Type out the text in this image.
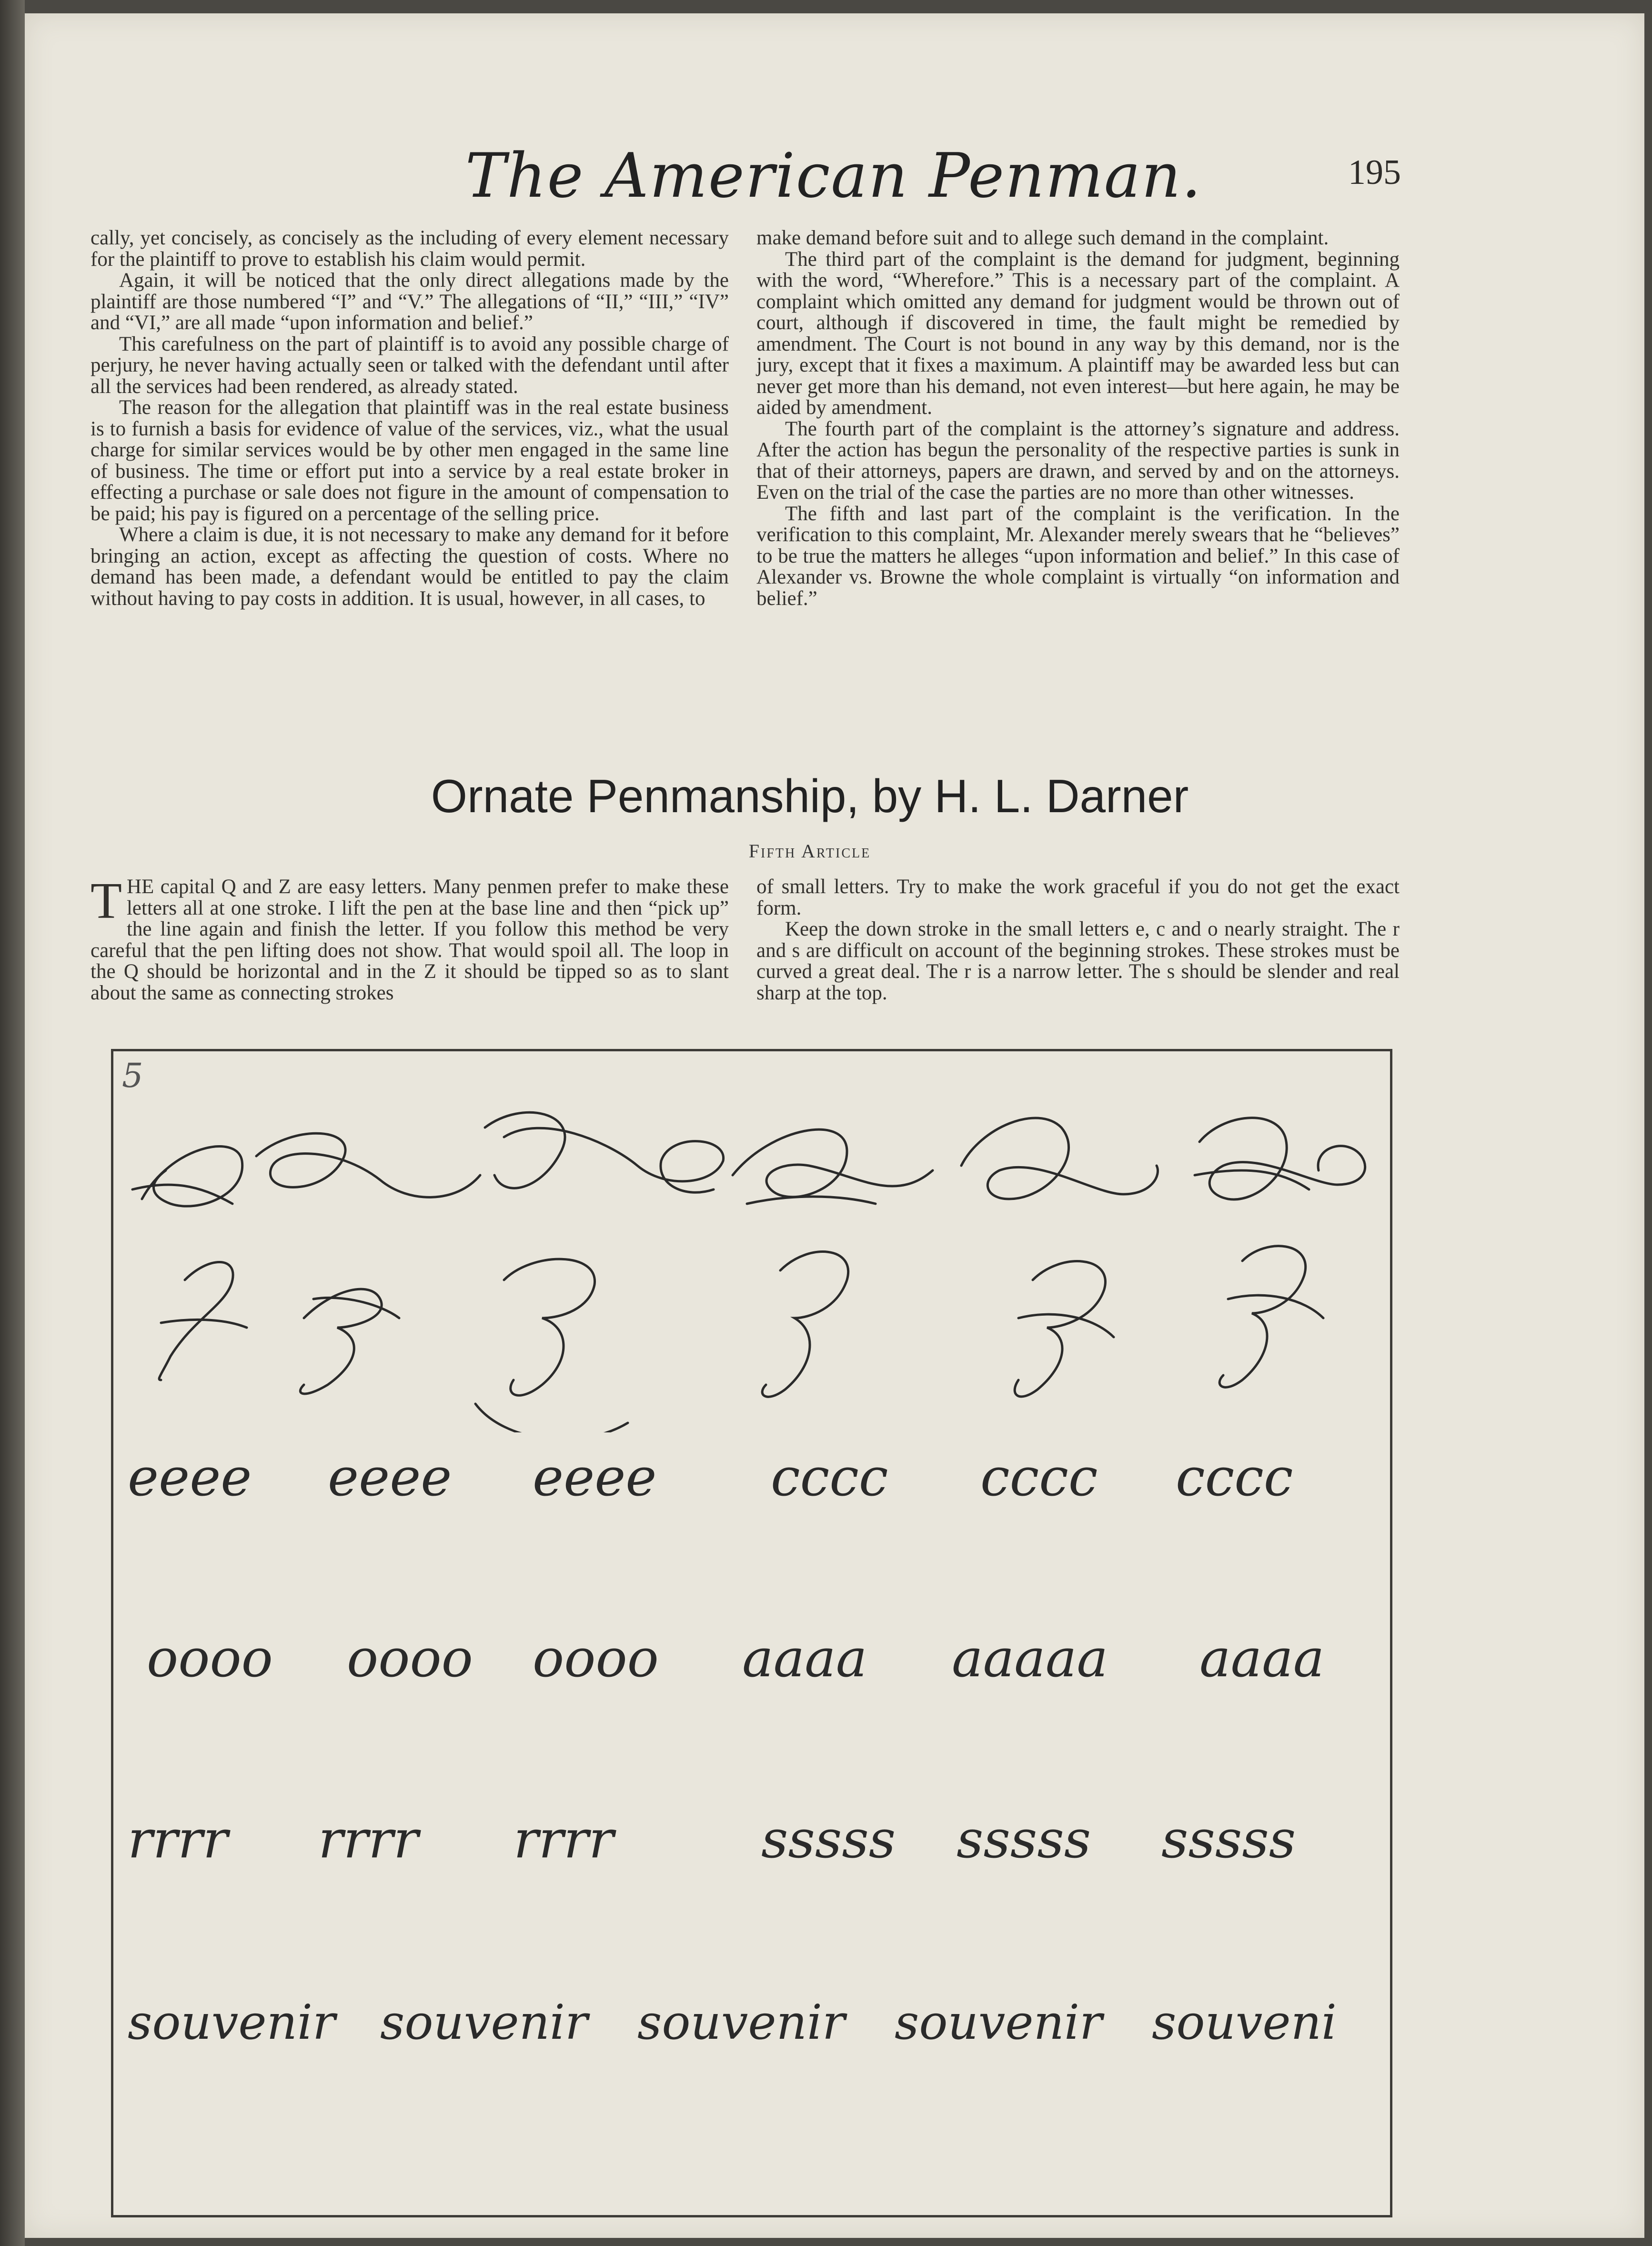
The American Penman.	195

cally, yet concisely, as concisely as the including of every element necessary for the plaintiff to prove to establish his claim would permit.

Again, it will be noticed that the only direct allegations made by the plaintiff are those numbered “I” and “V.” The allegations of “II,” “III,” “IV” and “VI,” are all made “upon information and belief.”

This carefulness on the part of plaintiff is to avoid any possible charge of perjury, he never having actually seen or talked with the defendant until after all the services had been rendered, as already stated.

The reason for the allegation that plaintiff was in the real estate business is to furnish a basis for evidence of value of the services, viz., what the usual charge for similar services would be by other men engaged in the same line of business. The time or effort put into a service by a real estate broker in effecting a purchase or sale does not figure in the amount of compensation to be paid; his pay is figured on a percentage of the selling price.

Where a claim is due, it is not necessary to make any demand for it before bringing an action, except as affecting the question of costs. Where no demand has been made, a defendant would be entitled to pay the claim without having to pay costs in addition. It is usual, however, in all cases, to

make demand before suit and to allege such demand in the complaint.

The third part of the complaint is the demand for judgment, beginning with the word, “Wherefore.” This is a necessary part of the complaint. A complaint which omitted any demand for judgment would be thrown out of court, although if discovered in time, the fault might be remedied by amendment. The Court is not bound in any way by this demand, nor is the jury, except that it fixes a maximum. A plaintiff may be awarded less but can never get more than his demand, not even interest—but here again, he may be aided by amendment.

The fourth part of the complaint is the attorney’s signature and address. After the action has begun the personality of the respective parties is sunk in that of their attorneys, papers are drawn, and served by and on the attorneys. Even on the trial of the case the parties are no more than other witnesses.

The fifth and last part of the complaint is the verification. In the verification to this complaint, Mr. Alexander merely swears that he “believes” to be true the matters he alleges “upon information and belief.” In this case of Alexander vs. Browne the whole complaint is virtually “on information and belief.”

Ornate Penmanship, by H. L. Darner
Fifth Article

THE capital Q and Z are easy letters. Many penmen prefer to make these letters all at one stroke. I lift the pen at the base line and then “pick up” the line again and finish the letter. If you follow this method be very careful that the pen lifting does not show. That would spoil all. The loop in the Q should be horizontal and in the Z it should be tipped so as to slant about the same as connecting strokes

of small letters. Try to make the work graceful if you do not get the exact form.

Keep the down stroke in the small letters e, c and o nearly straight. The r and s are difficult on account of the beginning strokes. These strokes must be curved a great deal. The r is a narrow letter. The s should be slender and real sharp at the top.

5
eeee eeee eeee cccc cccc cccc
oooo oooo oooo aaaa aaaaa aaaa
rrrr rrrr rrrr	sssss sssss sssss
souvenir souvenir souvenir souvenir souveni
